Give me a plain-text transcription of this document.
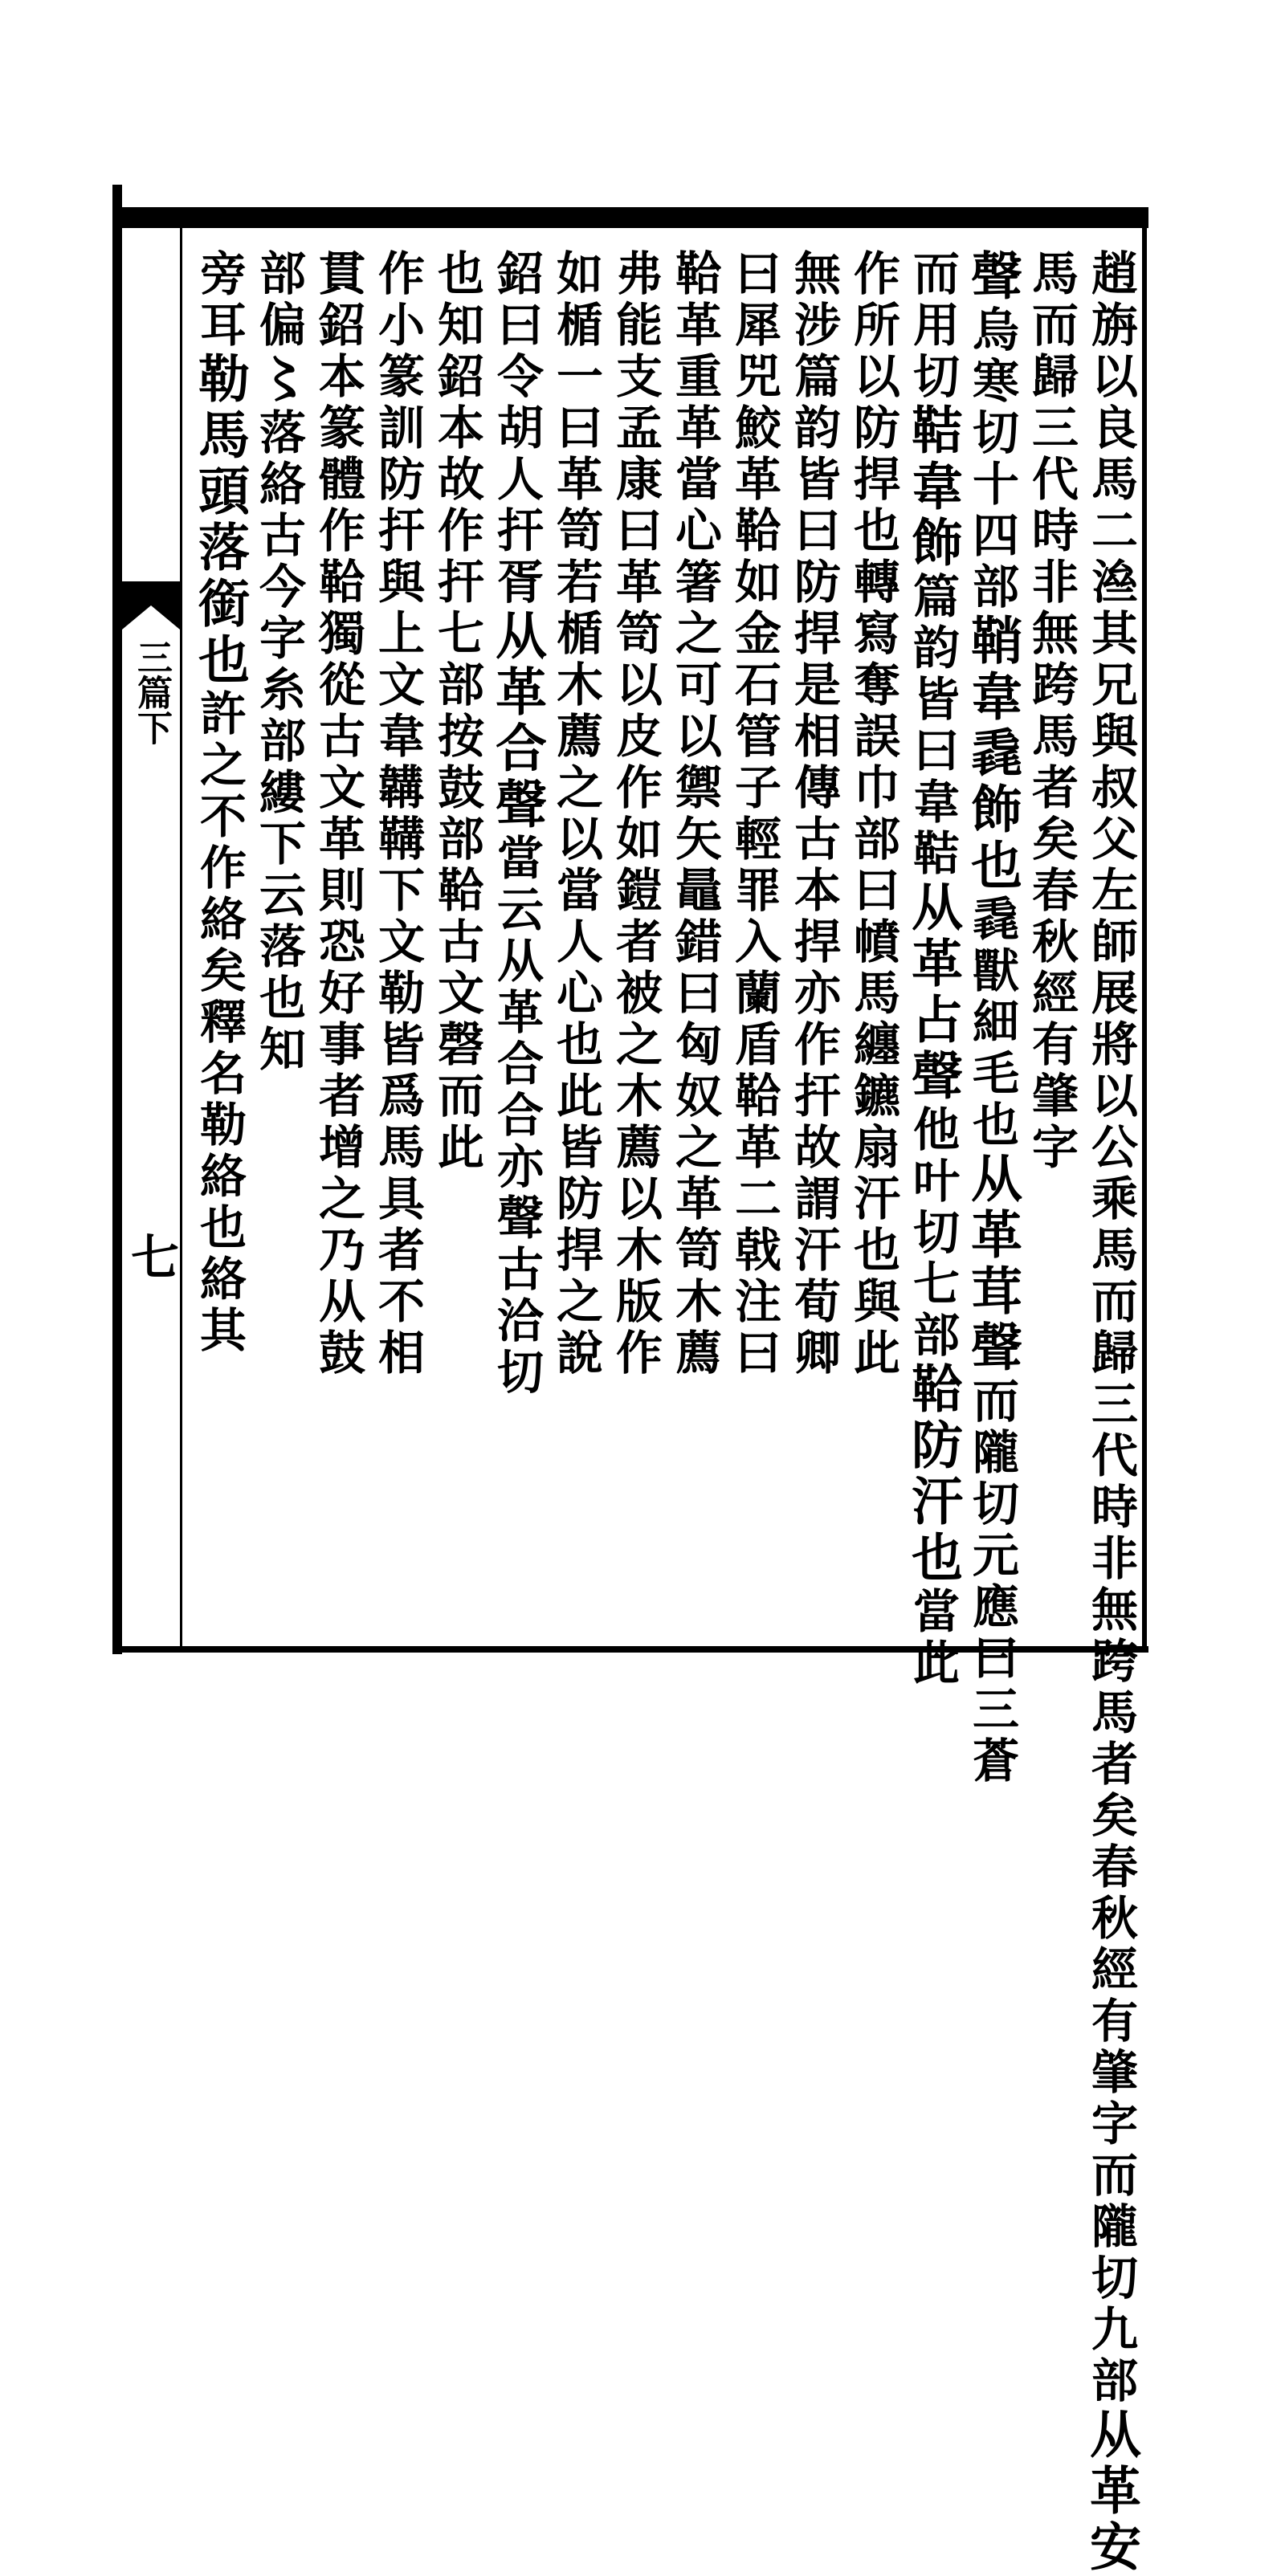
三篇下
七	趙旃以良馬二㴉其兄與叔父左師展將以公乘馬而歸三代時非無跨馬者矣春秋經有肇字而隴切九部从革安
馬而歸三代時非無跨馬者矣春秋經有肇字
聲烏寒切十四部鞘韋毳飾也毳獸細毛也从革茸聲而隴切元應曰三蒼
而用切鞊韋飾篇韵皆曰韋鞊从革占聲他叶切七部鞈防汗也當此
作所以防捍也轉寫奪誤巾部曰幩馬纏鑣扇汗也與此
無涉篇韵皆曰防捍是相傳古本捍亦作扞故謂汗荀卿
曰犀兕鮫革鞈如金石管子輕罪入蘭盾鞈革二戟注曰
鞈革重革當心箸之可以禦矢鼂錯曰匈奴之革笥木薦
弗能支孟康曰革笥以皮作如鎧者被之木薦以木版作
如楯一曰革笥若楯木薦之以當人心也此皆防捍之說
鉊曰令胡人扞胥从革合聲當云从革合合亦聲古洽切
也知鉊本故作扞七部按鼓部鞈古文磬而此
作小篆訓防扞與上文韋韝鞲下文勒皆爲馬具者不相
貫鉊本篆體作鞈獨從古文革則恐好事者增之乃从鼓
部偏〻落絡古今字糸部縷下云落也知
旁耳勒馬頭落銜也許之不作絡矣釋名勒絡也絡其
